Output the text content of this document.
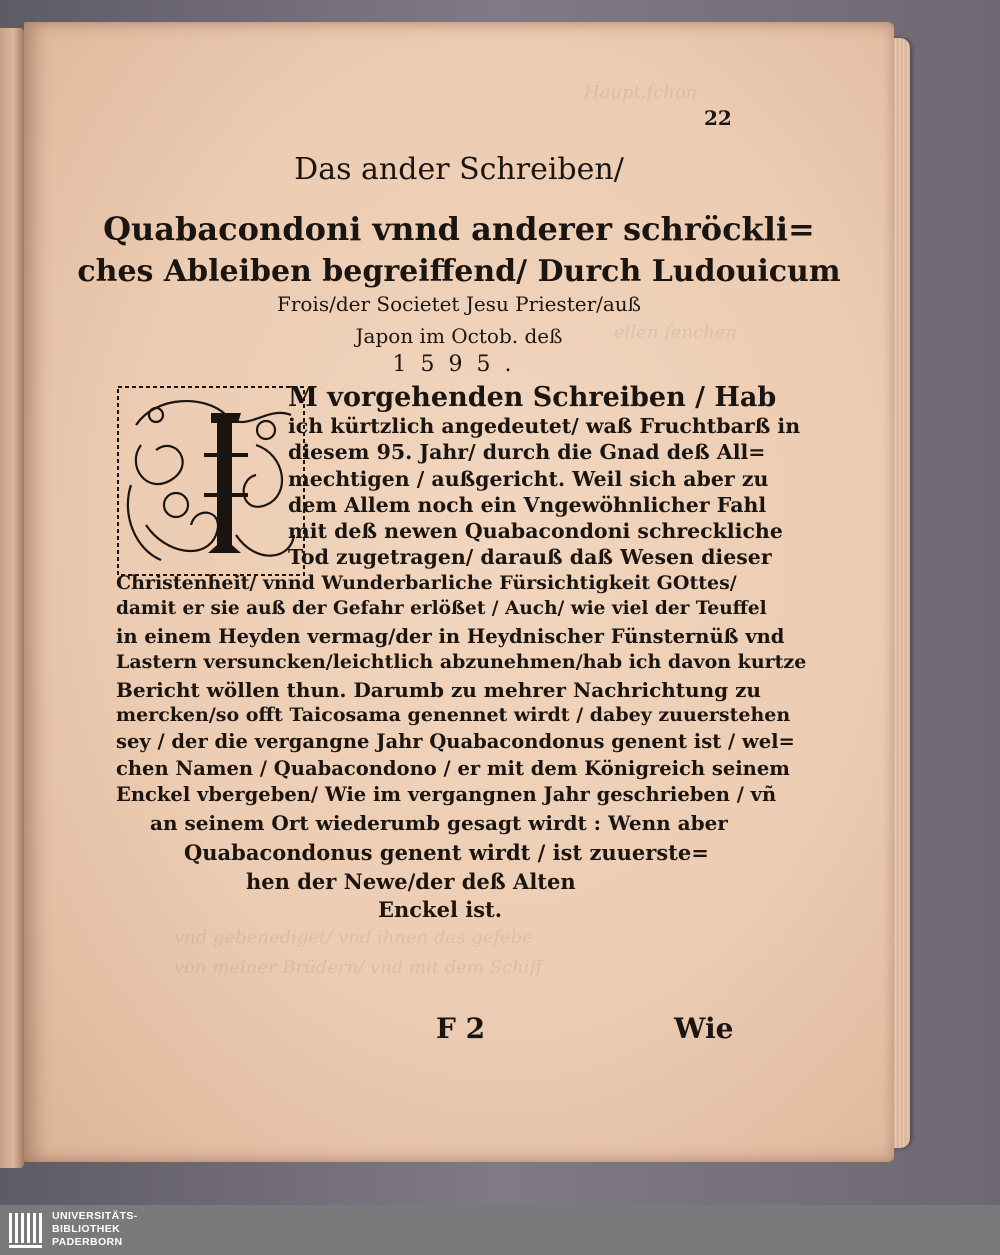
Haupt,fchon
ellen fenchen
vnd gebenediget/ vnd ihnen das gefebe
von meiner Brüdern/ vnd mit dem Schiff
22
Das ander Schreiben/
Quabacondoni vnnd anderer schröckli=
ches Ableiben begreiffend/ Durch Ludouicum
Frois/der Societet Jesu Priester/auß
Japon im Octob. deß
1595.
M vorgehenden Schreiben / Hab
ich kürtzlich angedeutet/ waß Fruchtbarß in
diesem 95. Jahr/ durch die Gnad deß All=
mechtigen / außgericht. Weil sich aber zu
dem Allem noch ein Vngewöhnlicher Fahl
mit deß newen Quabacondoni schreckliche
Tod zugetragen/ darauß daß Wesen dieser
Christenheit/ vnnd Wunderbarliche Fürsichtigkeit GOttes/
damit er sie auß der Gefahr erlößet / Auch/ wie viel der Teuffel
in einem Heyden vermag/der in Heydnischer Fünsternüß vnd
Lastern versuncken/leichtlich abzunehmen/hab ich davon kurtze
Bericht wöllen thun. Darumb zu mehrer Nachrichtung zu
mercken/so offt Taicosama genennet wirdt / dabey zuuerstehen
sey / der die vergangne Jahr Quabacondonus genent ist / wel=
chen Namen / Quabacondono / er mit dem Königreich seinem
Enckel vbergeben/ Wie im vergangnen Jahr geschrieben / vñ
an seinem Ort wiederumb gesagt wirdt : Wenn aber
Quabacondonus genent wirdt / ist zuuerste=
hen der Newe/der deß Alten
Enckel ist.
F 2	Wie
UNIVERSITÄTS-
BIBLIOTHEK
PADERBORN
